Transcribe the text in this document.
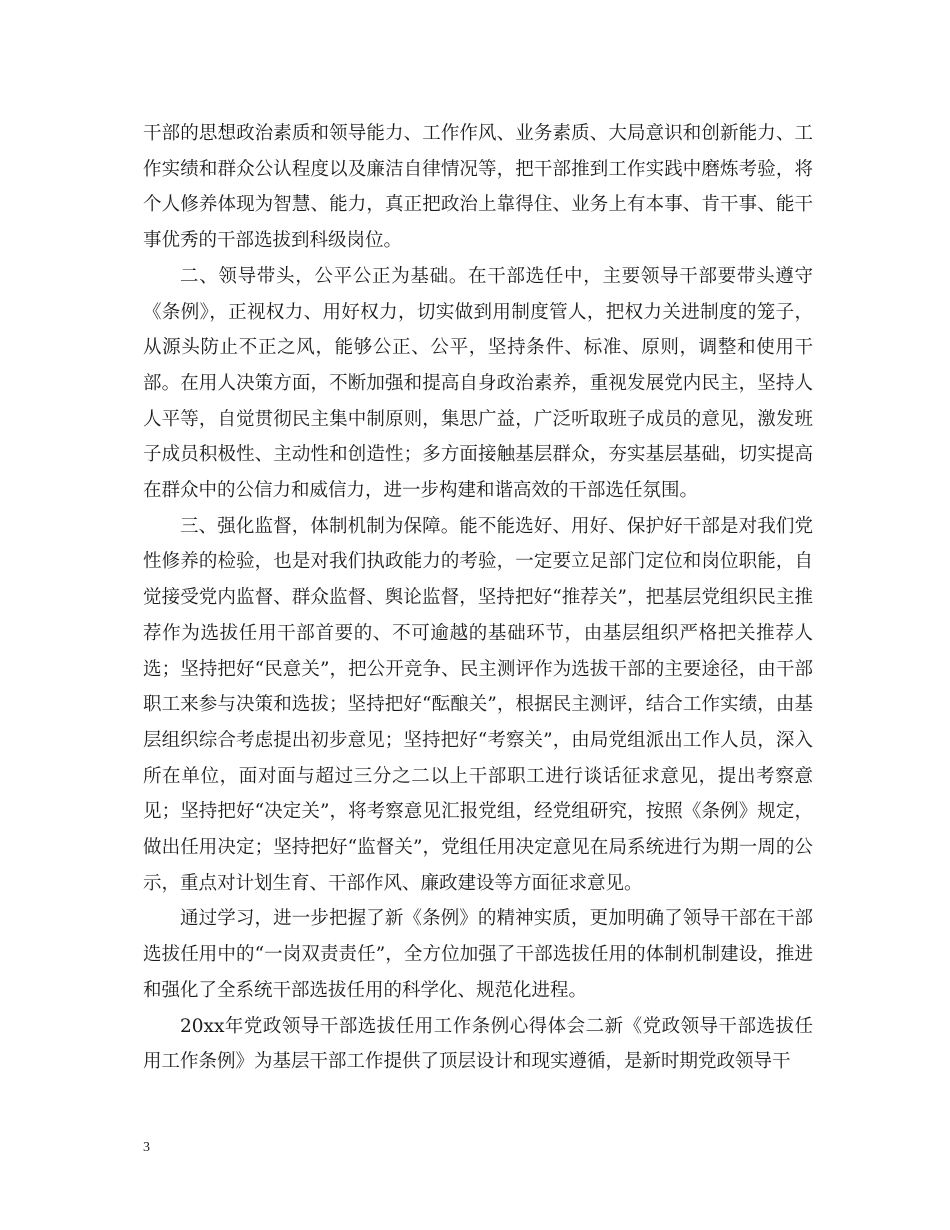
干部的思想政治素质和领导能力、工作作风、业务素质、大局意识和创新能力、工作实绩和群众公认程度以及廉洁自律情况等，把干部推到工作实践中磨炼考验，将个人修养体现为智慧、能力，真正把政治上靠得住、业务上有本事、肯干事、能干事优秀的干部选拔到科级岗位。

二、领导带头，公平公正为基础。在干部选任中，主要领导干部要带头遵守《条例》，正视权力、用好权力，切实做到用制度管人，把权力关进制度的笼子，从源头防止不正之风，能够公正、公平，坚持条件、标准、原则，调整和使用干部。在用人决策方面，不断加强和提高自身政治素养，重视发展党内民主，坚持人人平等，自觉贯彻民主集中制原则，集思广益，广泛听取班子成员的意见，激发班子成员积极性、主动性和创造性；多方面接触基层群众，夯实基层基础，切实提高在群众中的公信力和威信力，进一步构建和谐高效的干部选任氛围。

三、强化监督，体制机制为保障。能不能选好、用好、保护好干部是对我们党性修养的检验，也是对我们执政能力的考验，一定要立足部门定位和岗位职能，自觉接受党内监督、群众监督、舆论监督，坚持把好“推荐关”，把基层党组织民主推荐作为选拔任用干部首要的、不可逾越的基础环节，由基层组织严格把关推荐人选；坚持把好“民意关”，把公开竞争、民主测评作为选拔干部的主要途径，由干部职工来参与决策和选拔；坚持把好“酝酿关”，根据民主测评，结合工作实绩，由基层组织综合考虑提出初步意见；坚持把好“考察关”，由局党组派出工作人员，深入所在单位，面对面与超过三分之二以上干部职工进行谈话征求意见，提出考察意见；坚持把好“决定关”，将考察意见汇报党组，经党组研究，按照《条例》规定，做出任用决定；坚持把好“监督关”，党组任用决定意见在局系统进行为期一周的公示，重点对计划生育、干部作风、廉政建设等方面征求意见。

通过学习，进一步把握了新《条例》的精神实质，更加明确了领导干部在干部选拔任用中的“一岗双责责任”，全方位加强了干部选拔任用的体制机制建设，推进和强化了全系统干部选拔任用的科学化、规范化进程。

20xx年党政领导干部选拔任用工作条例心得体会二新《党政领导干部选拔任用工作条例》为基层干部工作提供了顶层设计和现实遵循，是新时期党政领导干

3
